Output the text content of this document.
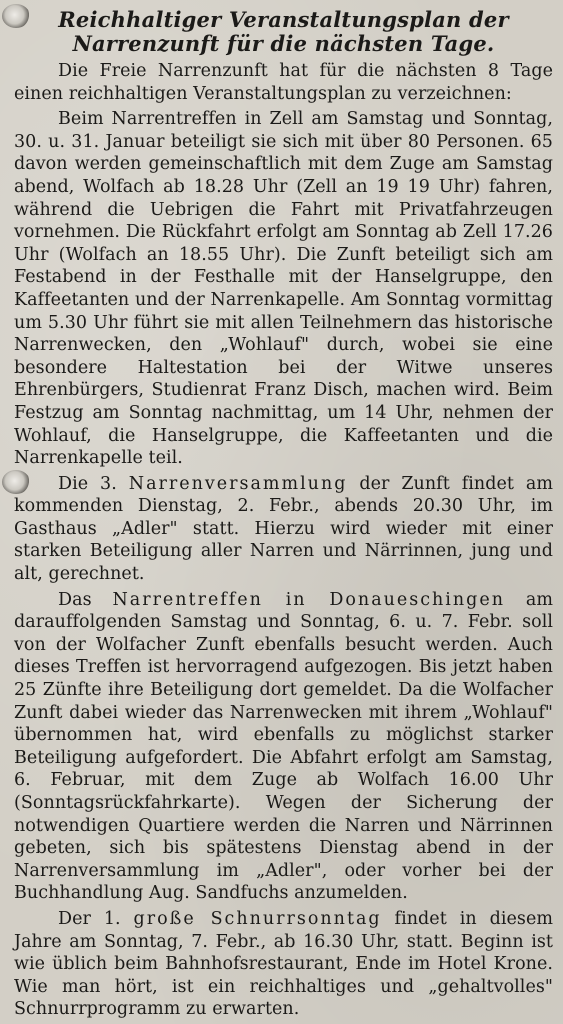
Reichhaltiger Veranstaltungsplan der Narrenzunft für die nächsten Tage.

Die Freie Narrenzunft hat für die nächsten 8 Tage einen reichhaltigen Veranstaltungsplan zu verzeichnen:

Beim Narrentreffen in Zell am Samstag und Sonntag, 30. u. 31. Januar beteiligt sie sich mit über 80 Personen. 65 davon werden gemeinschaftlich mit dem Zuge am Samstag abend, Wolfach ab 18.28 Uhr (Zell an 19 19 Uhr) fahren, während die Uebrigen die Fahrt mit Privatfahrzeugen vornehmen. Die Rückfahrt erfolgt am Sonntag ab Zell 17.26 Uhr (Wolfach an 18.55 Uhr). Die Zunft beteiligt sich am Festabend in der Festhalle mit der Hanselgruppe, den Kaffeetanten und der Narrenkapelle. Am Sonntag vormittag um 5.30 Uhr führt sie mit allen Teilnehmern das historische Narrenwecken, den „Wohlauf" durch, wobei sie eine besondere Haltestation bei der Witwe unseres Ehrenbürgers, Studienrat Franz Disch, machen wird. Beim Festzug am Sonntag nachmittag, um 14 Uhr, nehmen der Wohlauf, die Hanselgruppe, die Kaffeetanten und die Narrenkapelle teil.

Die 3. Narrenversammlung der Zunft findet am kommenden Dienstag, 2. Febr., abends 20.30 Uhr, im Gasthaus „Adler" statt. Hierzu wird wieder mit einer starken Beteiligung aller Narren und Närrinnen, jung und alt, gerechnet.

Das Narrentreffen in Donaueschingen am darauffolgenden Samstag und Sonntag, 6. u. 7. Febr. soll von der Wolfacher Zunft ebenfalls besucht werden. Auch dieses Treffen ist hervorragend aufgezogen. Bis jetzt haben 25 Zünfte ihre Beteiligung dort gemeldet. Da die Wolfacher Zunft dabei wieder das Narrenwecken mit ihrem „Wohlauf" übernommen hat, wird ebenfalls zu möglichst starker Beteiligung aufgefordert. Die Abfahrt erfolgt am Samstag, 6. Februar, mit dem Zuge ab Wolfach 16.00 Uhr (Sonntagsrückfahrkarte). Wegen der Sicherung der notwendigen Quartiere werden die Narren und Närrinnen gebeten, sich bis spätestens Dienstag abend in der Narrenversammlung im „Adler", oder vorher bei der Buchhandlung Aug. Sandfuchs anzumelden.

Der 1. große Schnurrsonntag findet in diesem Jahre am Sonntag, 7. Febr., ab 16.30 Uhr, statt. Beginn ist wie üblich beim Bahnhofsrestaurant, Ende im Hotel Krone. Wie man hört, ist ein reichhaltiges und „gehaltvolles" Schnurrprogramm zu erwarten.
